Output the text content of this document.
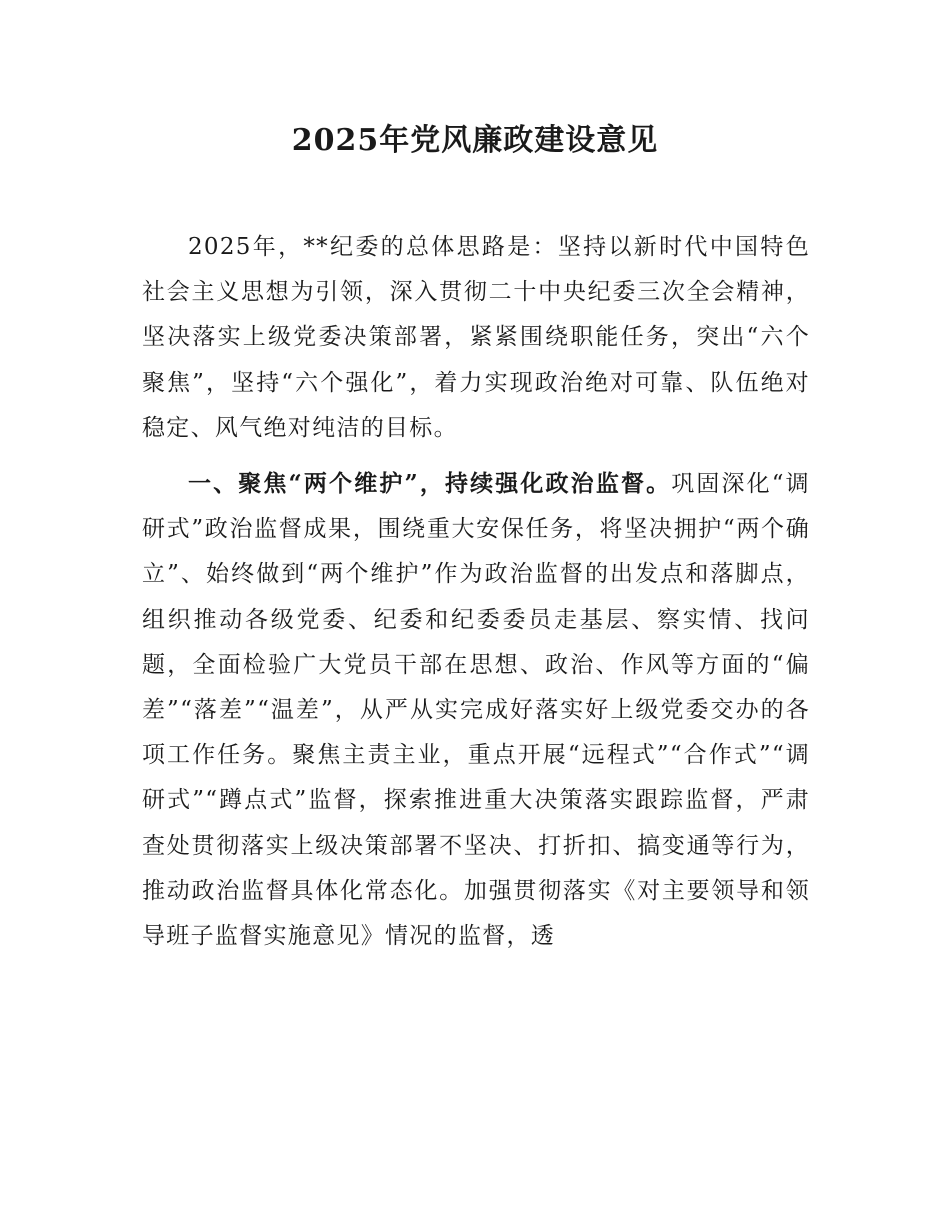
2025年党风廉政建设意见

2025年，**纪委的总体思路是：坚持以新时代中国特色社会主义思想为引领，深入贯彻二十中央纪委三次全会精神，坚决落实上级党委决策部署，紧紧围绕职能任务，突出“六个聚焦”，坚持“六个强化”，着力实现政治绝对可靠、队伍绝对稳定、风气绝对纯洁的目标。

一、聚焦“两个维护”，持续强化政治监督。巩固深化“调研式”政治监督成果，围绕重大安保任务，将坚决拥护“两个确立”、始终做到“两个维护”作为政治监督的出发点和落脚点，组织推动各级党委、纪委和纪委委员走基层、察实情、找问题，全面检验广大党员干部在思想、政治、作风等方面的“偏差”“落差”“温差”，从严从实完成好落实好上级党委交办的各项工作任务。聚焦主责主业，重点开展“远程式”“合作式”“调研式”“蹲点式”监督，探索推进重大决策落实跟踪监督，严肃查处贯彻落实上级决策部署不坚决、打折扣、搞变通等行为，推动政治监督具体化常态化。加强贯彻落实《对主要领导和领导班子监督实施意见》情况的监督，透
